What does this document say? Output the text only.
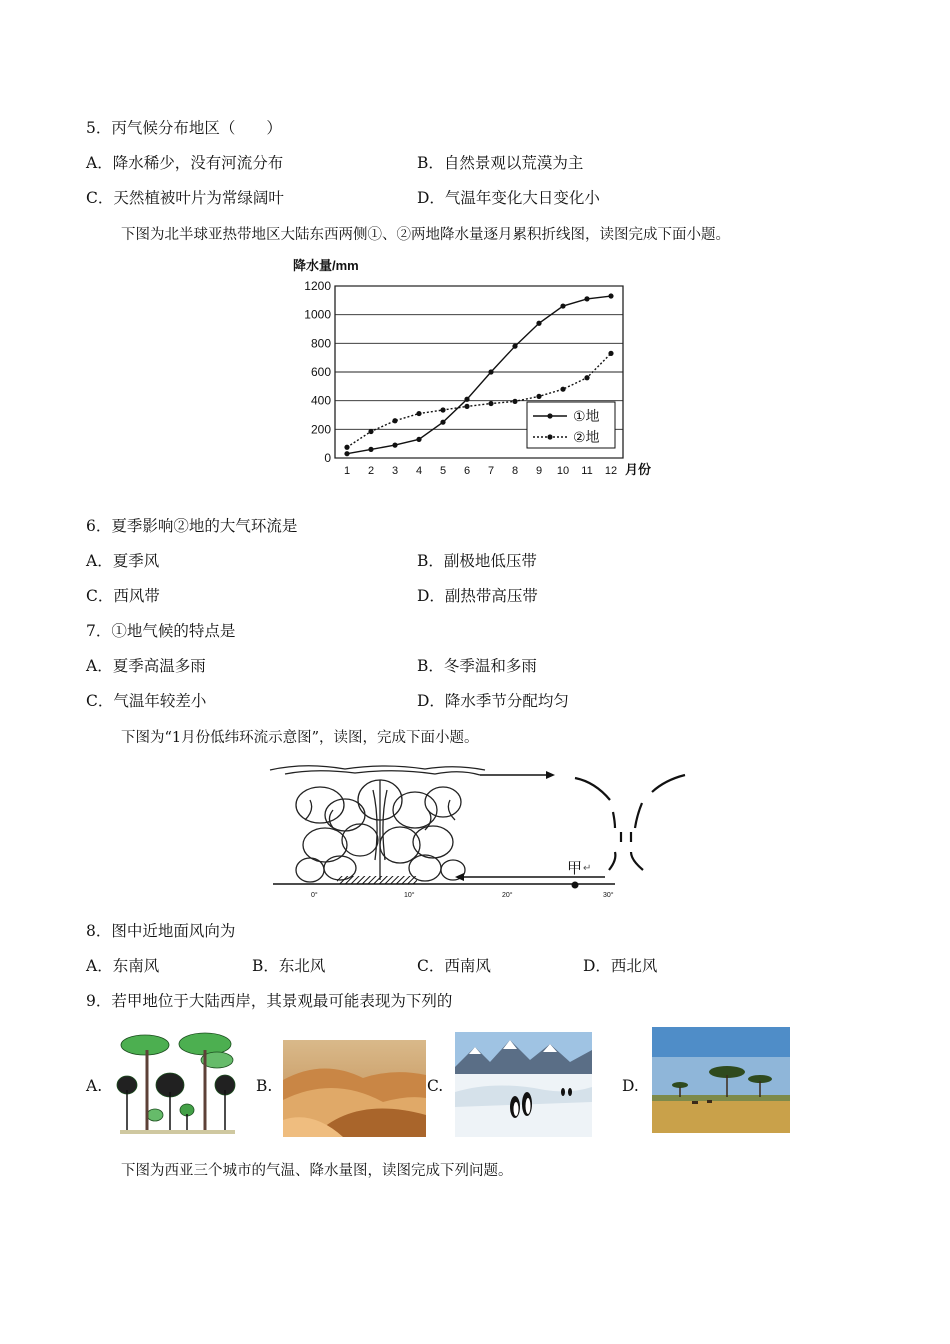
5．丙气候分布地区（　　）
A．降水稀少，没有河流分布	B．自然景观以荒漠为主
C．天然植被叶片为常绿阔叶	D．气温年变化大日变化小
下图为北半球亚热带地区大陆东西两侧①、②两地降水量逐月累积折线图，读图完成下面小题。
0
200
400
600
800
1000
1200
1 2 3 4 5 6 7 8 9 10 11 12 月份
降水量/mm
①地
②地
6．夏季影响②地的大气环流是
A．夏季风	B．副极地低压带
C．西风带	D．副热带高压带
7．①地气候的特点是
A．夏季高温多雨	B．冬季温和多雨
C．气温年较差小	D．降水季节分配均匀
下图为“1月份低纬环流示意图”，读图，完成下面小题。
甲 ↵
0°	10°	20°	30°
8．图中近地面风向为
A．东南风	B．东北风	C．西南风	D．西北风
9．若甲地位于大陆西岸，其景观最可能表现为下列的
A.	B.	C.	D.
下图为西亚三个城市的气温、降水量图，读图完成下列问题。
